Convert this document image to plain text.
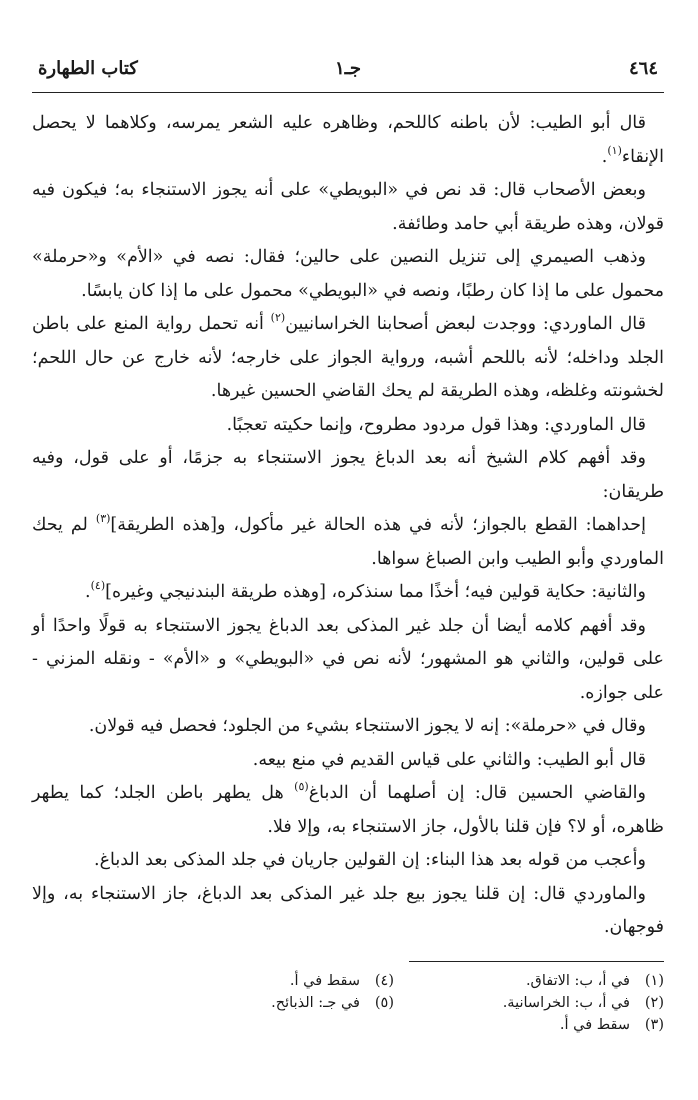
٤٦٤
جـ١
كتاب الطهارة

قال أبو الطيب: لأن باطنه كاللحم، وظاهره عليه الشعر يمرسه، وكلاهما لا يحصل الإنقاء$^{(١)}$.

وبعض الأصحاب قال: قد نص في «البويطي» على أنه يجوز الاستنجاء به؛ فيكون فيه قولان، وهذه طريقة أبي حامد وطائفة.

وذهب الصيمري إلى تنزيل النصين على حالين؛ فقال: نصه في «الأم» و«حرملة» محمول على ما إذا كان رطبًا، ونصه في «البويطي» محمول على ما إذا كان يابسًا.

قال الماوردي: ووجدت لبعض أصحابنا الخراسانيين$^{(٢)}$ أنه تحمل رواية المنع على باطن الجلد وداخله؛ لأنه باللحم أشبه، ورواية الجواز على خارجه؛ لأنه خارج عن حال اللحم؛ لخشونته وغلظه، وهذه الطريقة لم يحك القاضي الحسين غيرها.

قال الماوردي: وهذا قول مردود مطروح، وإنما حكيته تعجبًا.

وقد أفهم كلام الشيخ أنه بعد الدباغ يجوز الاستنجاء به جزمًا، أو على قول، وفيه طريقان:

إحداهما: القطع بالجواز؛ لأنه في هذه الحالة غير مأكول، و[هذه الطريقة]$^{(٣)}$ لم يحك الماوردي وأبو الطيب وابن الصباغ سواها.

والثانية: حكاية قولين فيه؛ أخذًا مما سنذكره، [وهذه طريقة البندنيجي وغيره]$^{(٤)}$.

وقد أفهم كلامه أيضا أن جلد غير المذكى بعد الدباغ يجوز الاستنجاء به قولًا واحدًا أو على قولين، والثاني هو المشهور؛ لأنه نص في «البويطي» و «الأم» - ونقله المزني - على جوازه.

وقال في «حرملة»: إنه لا يجوز الاستنجاء بشيء من الجلود؛ فحصل فيه قولان.

قال أبو الطيب: والثاني على قياس القديم في منع بيعه.

والقاضي الحسين قال: إن أصلهما أن الدباغ$^{(٥)}$ هل يطهر باطن الجلد؛ كما يطهر ظاهره، أو لا؟ فإن قلنا بالأول، جاز الاستنجاء به، وإلا فلا.

وأعجب من قوله بعد هذا البناء: إن القولين جاريان في جلد المذكى بعد الدباغ.

والماوردي قال: إن قلنا يجوز بيع جلد غير المذكى بعد الدباغ، جاز الاستنجاء به، وإلا فوجهان.

(١)في أ، ب: الاتفاق.
(٢)في أ، ب: الخراسانية.
(٣)سقط في أ.
(٤)سقط في أ.
(٥)في جـ: الذبائح.
